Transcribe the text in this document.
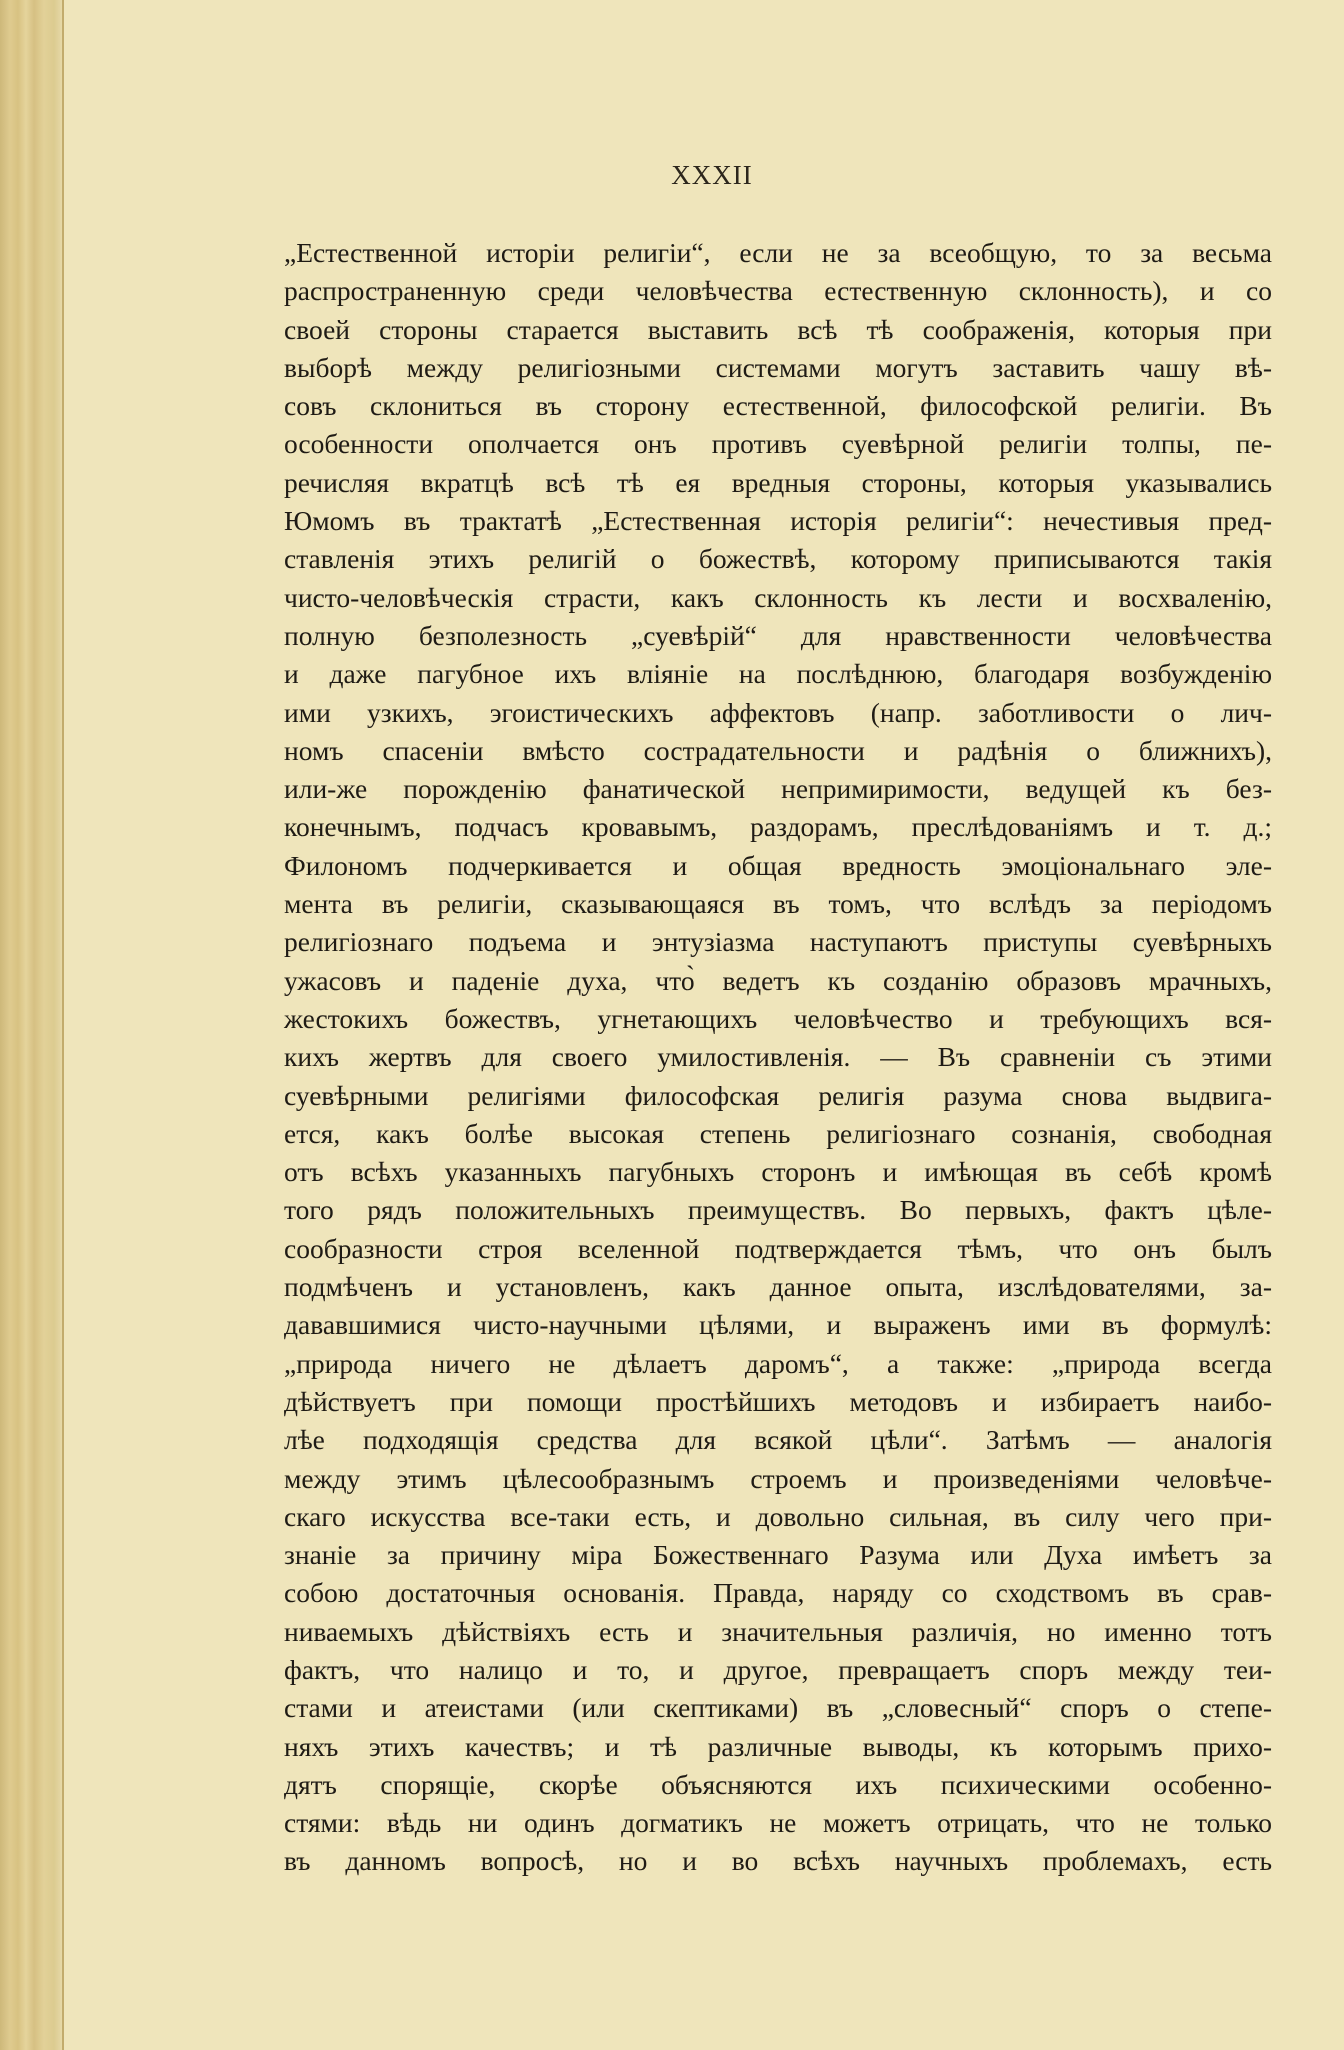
XXXII
„Естественной исторіи религіи“, если не за всеобщую, то за весьма
распространенную среди человѣчества естественную склонность), и со
своей стороны старается выставить всѣ тѣ соображенія, которыя при
выборѣ между религіозными системами могутъ заставить чашу вѣ-
совъ склониться въ сторону естественной, философской религіи. Въ
особенности ополчается онъ противъ суевѣрной религіи толпы, пе-
речисляя вкратцѣ всѣ тѣ ея вредныя стороны, которыя указывались
Юмомъ въ трактатѣ „Естественная исторія религіи“: нечестивыя пред-
ставленія этихъ религій о божествѣ, которому приписываются такія
чисто-человѣческія страсти, какъ склонность къ лести и восхваленію,
полную безполезность „суевѣрій“ для нравственности человѣчества
и даже пагубное ихъ вліяніе на послѣднюю, благодаря возбужденію
ими узкихъ, эгоистическихъ аффектовъ (напр. заботливости о лич-
номъ спасеніи вмѣсто сострадательности и радѣнія о ближнихъ),
или-же порожденію фанатической непримиримости, ведущей къ без-
конечнымъ, подчасъ кровавымъ, раздорамъ, преслѣдованіямъ и т. д.;
Филономъ подчеркивается и общая вредность эмоціональнаго эле-
мента въ религіи, сказывающаяся въ томъ, что вслѣдъ за періодомъ
религіознаго подъема и энтузіазма наступаютъ приступы суевѣрныхъ
ужасовъ и паденіе духа, что̀ ведетъ къ созданію образовъ мрачныхъ,
жестокихъ божествъ, угнетающихъ человѣчество и требующихъ вся-
кихъ жертвъ для своего умилостивленія. — Въ сравненіи съ этими
суевѣрными религіями философская религія разума снова выдвига-
ется, какъ болѣе высокая степень религіознаго сознанія, свободная
отъ всѣхъ указанныхъ пагубныхъ сторонъ и имѣющая въ себѣ кромѣ
того рядъ положительныхъ преимуществъ. Во первыхъ, фактъ цѣле-
сообразности строя вселенной подтверждается тѣмъ, что онъ былъ
подмѣченъ и установленъ, какъ данное опыта, изслѣдователями, за-
дававшимися чисто-научными цѣлями, и выраженъ ими въ формулѣ:
„природа ничего не дѣлаетъ даромъ“, а также: „природа всегда
дѣйствуетъ при помощи простѣйшихъ методовъ и избираетъ наибо-
лѣе подходящія средства для всякой цѣли“. Затѣмъ — аналогія
между этимъ цѣлесообразнымъ строемъ и произведеніями человѣче-
скаго искусства все-таки есть, и довольно сильная, въ силу чего при-
знаніе за причину міра Божественнаго Разума или Духа имѣетъ за
собою достаточныя основанія. Правда, наряду со сходствомъ въ срав-
ниваемыхъ дѣйствіяхъ есть и значительныя различія, но именно тотъ
фактъ, что налицо и то, и другое, превращаетъ споръ между теи-
стами и атеистами (или скептиками) въ „словесный“ споръ о степе-
няхъ этихъ качествъ; и тѣ различные выводы, къ которымъ прихо-
дятъ спорящіе, скорѣе объясняются ихъ психическими особенно-
стями: вѣдь ни одинъ догматикъ не можетъ отрицать, что не только
въ данномъ вопросѣ, но и во всѣхъ научныхъ проблемахъ, есть
